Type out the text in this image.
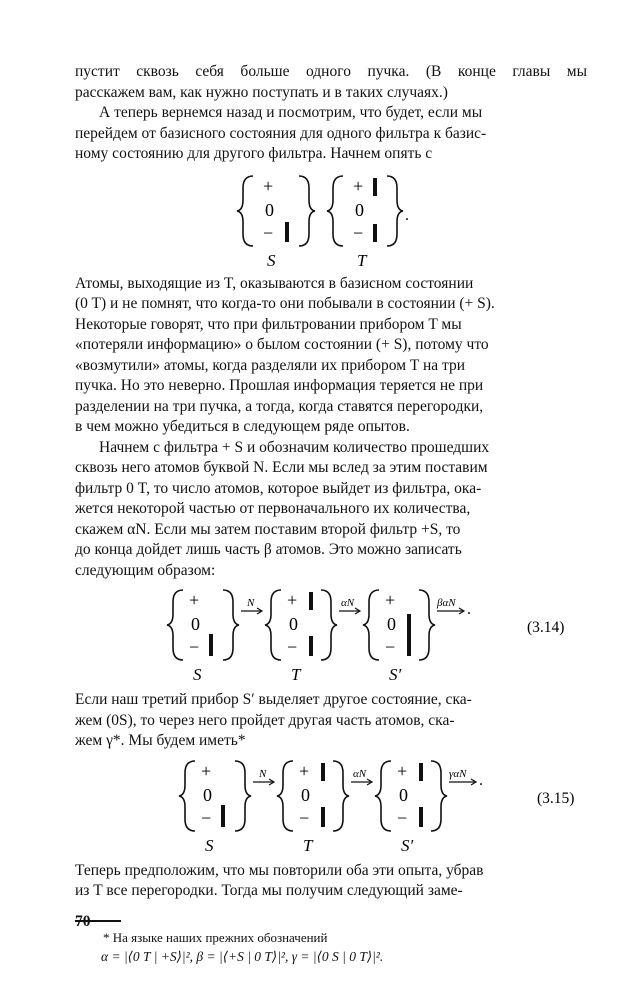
пустит сквозь себя больше одного пучка. (В конце главы мы
расскажем вам, как нужно поступать и в таких случаях.)

А теперь вернемся назад и посмотрим, что будет, если мы
перейдем от базисного состояния для одного фильтра к базис-
ному состоянию для другого фильтра. Начнем опять с

+
0
−
S
+
0
−
.
T

Атомы, выходящие из T, оказываются в базисном состоянии
(0 T) и не помнят, что когда-то они побывали в состоянии (+ S).
Некоторые говорят, что при фильтровании прибором T мы
«потеряли информацию» о былом состоянии (+ S), потому что
«возмутили» атомы, когда разделяли их прибором T на три
пучка. Но это неверно. Прошлая информация теряется не при
разделении на три пучка, а тогда, когда ставятся перегородки,
в чем можно убедиться в следующем ряде опытов.

Начнем с фильтра + S и обозначим количество прошедших
сквозь него атомов буквой N. Если мы вслед за этим поставим
фильтр 0 T, то число атомов, которое выйдет из фильтра, ока-
жется некоторой частью от первоначального их количества,
скажем αN. Если мы затем поставим второй фильтр +S, то
до конца дойдет лишь часть β атомов. Это можно записать
следующим образом:

+
0
−
S
N +
0
−
T
αN +
0
−
S′
βαN .
(3.14)

Если наш третий прибор S′ выделяет другое состояние, ска-
жем (0S), то через него пройдет другая часть атомов, ска-
жем γ*. Мы будем иметь*

+
0
−
S
N +
0
−
T
αN +
0
−
S′
γαN .
(3.15)

Теперь предположим, что мы повторили оба эти опыта, убрав
из T все перегородки. Тогда мы получим следующий заме-

* На языке наших прежних обозначений

α = |⟨0 T | +S⟩|², β = |⟨+S | 0 T⟩|², γ = |⟨0 S | 0 T⟩|².

70
